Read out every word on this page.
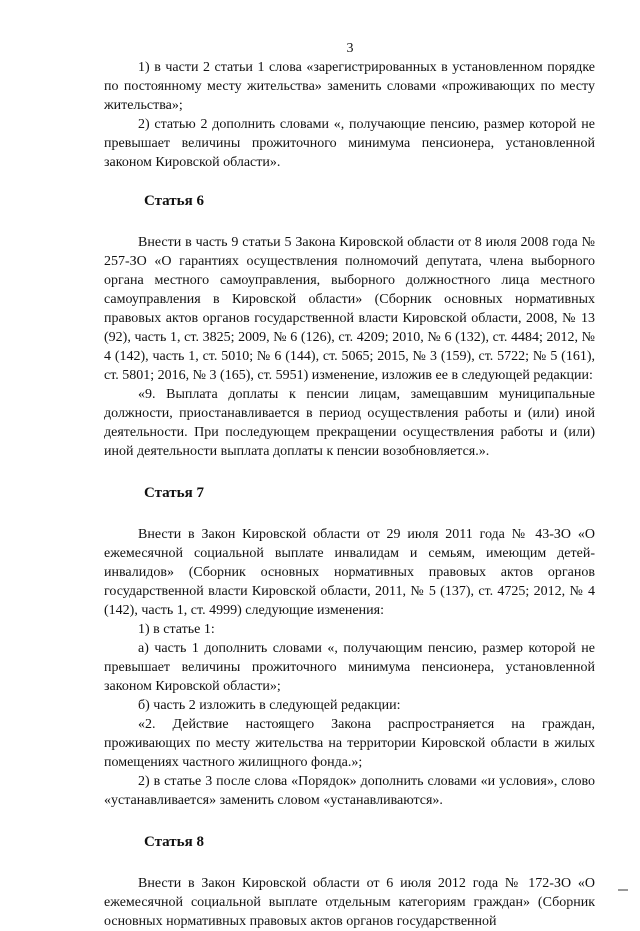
3

1) в части 2 статьи 1 слова «зарегистрированных в установленном порядке по постоянному месту жительства» заменить словами «проживающих по месту жительства»;

2) статью 2 дополнить словами «, получающие пенсию, размер которой не превышает величины прожиточного минимума пенсионера, установленной законом Кировской области».

Статья 6

Внести в часть 9 статьи 5 Закона Кировской области от 8 июля 2008 года № 257-ЗО «О гарантиях осуществления полномочий депутата, члена выборного органа местного самоуправления, выборного должностного лица местного самоуправления в Кировской области» (Сборник основных нормативных правовых актов органов государственной власти Кировской области, 2008, № 13 (92), часть 1, ст. 3825; 2009, № 6 (126), ст. 4209; 2010, № 6 (132), ст. 4484; 2012, № 4 (142), часть 1, ст. 5010; № 6 (144), ст. 5065; 2015, № 3 (159), ст. 5722; № 5 (161), ст. 5801; 2016, № 3 (165), ст. 5951) изменение, изложив ее в следующей редакции:

«9. Выплата доплаты к пенсии лицам, замещавшим муниципальные должности, приостанавливается в период осуществления работы и (или) иной деятельности. При последующем прекращении осуществления работы и (или) иной деятельности выплата доплаты к пенсии возобновляется.».

Статья 7

Внести в Закон Кировской области от 29 июля 2011 года № 43-ЗО «О ежемесячной социальной выплате инвалидам и семьям, имеющим детей-инвалидов» (Сборник основных нормативных правовых актов органов государственной власти Кировской области, 2011, № 5 (137), ст. 4725; 2012, № 4 (142), часть 1, ст. 4999) следующие изменения:

1) в статье 1:

а) часть 1 дополнить словами «, получающим пенсию, размер которой не превышает величины прожиточного минимума пенсионера, установленной законом Кировской области»;

б) часть 2 изложить в следующей редакции:

«2. Действие настоящего Закона распространяется на граждан, проживающих по месту жительства на территории Кировской области в жилых помещениях частного жилищного фонда.»;

2) в статье 3 после слова «Порядок» дополнить словами «и условия», слово «устанавливается» заменить словом «устанавливаются».

Статья 8

Внести в Закон Кировской области от 6 июля 2012 года № 172-ЗО «О ежемесячной социальной выплате отдельным категориям граждан» (Сборник основных нормативных правовых актов органов государственной
